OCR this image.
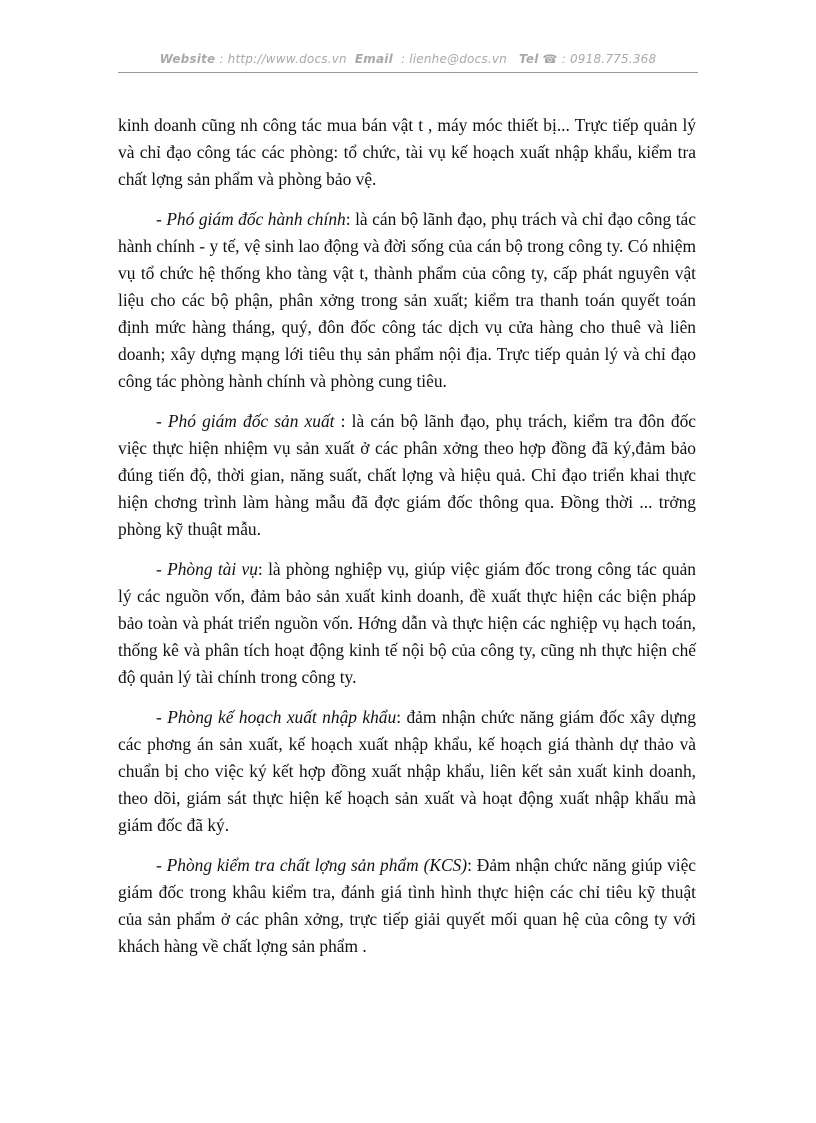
Website : http://www.docs.vn Email : lienhe@docs.vn Tel ☎ : 0918.775.368

kinh doanh cũng nh công tác mua bán vật t , máy móc thiết bị... Trực tiếp quản lý và chỉ đạo công tác các phòng: tổ chức, tài vụ kế hoạch xuất nhập khẩu, kiểm tra chất lợng sản phẩm và phòng bảo vệ.

- Phó giám đốc hành chính: là cán bộ lãnh đạo, phụ trách và chỉ đạo công tác hành chính - y tế, vệ sinh lao động và đời sống của cán bộ trong công ty. Có nhiệm vụ tổ chức hệ thống kho tàng vật t, thành phẩm của công ty, cấp phát nguyên vật liệu cho các bộ phận, phân xởng trong sản xuất; kiểm tra thanh toán quyết toán định mức hàng tháng, quý, đôn đốc công tác dịch vụ cửa hàng cho thuê và liên doanh; xây dựng mạng lới tiêu thụ sản phẩm nội địa. Trực tiếp quản lý và chỉ đạo công tác phòng hành chính và phòng cung tiêu.

- Phó giám đốc sản xuất : là cán bộ lãnh đạo, phụ trách, kiểm tra đôn đốc việc thực hiện nhiệm vụ sản xuất ở các phân xởng theo hợp đồng đã ký,đảm bảo đúng tiến độ, thời gian, năng suất, chất lợng và hiệu quả. Chỉ đạo triển khai thực hiện chơng trình làm hàng mẫu đã đợc giám đốc thông qua. Đồng thời ... trởng phòng kỹ thuật mẫu.

- Phòng tài vụ: là phòng nghiệp vụ, giúp việc giám đốc trong công tác quản lý các nguồn vốn, đảm bảo sản xuất kinh doanh, đề xuất thực hiện các biện pháp bảo toàn và phát triển nguồn vốn. Hớng dẫn và thực hiện các nghiệp vụ hạch toán, thống kê và phân tích hoạt động kinh tế nội bộ của công ty, cũng nh thực hiện chế độ quản lý tài chính trong công ty.

- Phòng kế hoạch xuất nhập khẩu: đảm nhận chức năng giám đốc xây dựng các phơng án sản xuất, kế hoạch xuất nhập khẩu, kế hoạch giá thành dự thảo và chuẩn bị cho việc ký kết hợp đồng xuất nhập khẩu, liên kết sản xuất kinh doanh, theo dõi, giám sát thực hiện kế hoạch sản xuất và hoạt động xuất nhập khẩu mà giám đốc đã ký.

- Phòng kiểm tra chất lợng sản phẩm (KCS): Đảm nhận chức năng giúp việc giám đốc trong khâu kiểm tra, đánh giá tình hình thực hiện các chỉ tiêu kỹ thuật của sản phẩm ở các phân xởng, trực tiếp giải quyết mối quan hệ của công ty với khách hàng về chất lợng sản phẩm .
